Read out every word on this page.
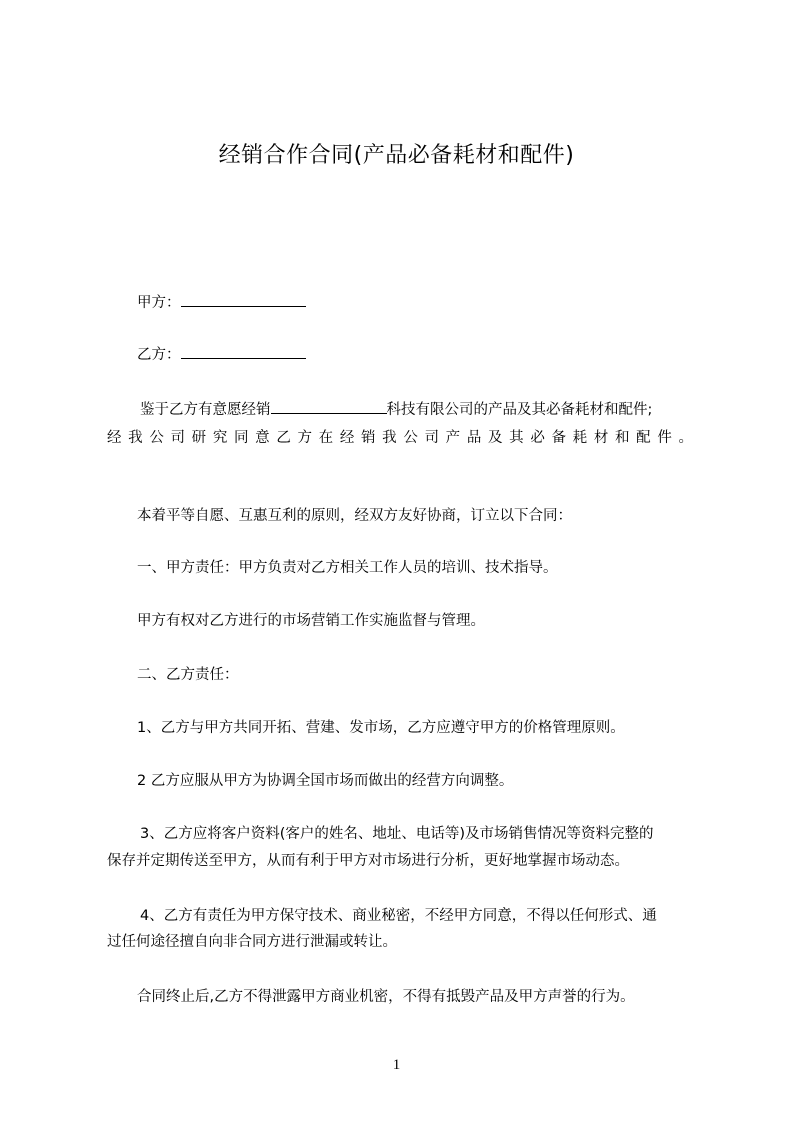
经销合作合同(产品必备耗材和配件)
甲方：
乙方：
鉴于乙方有意愿经销	科技有限公司的产品及其必备耗材和配件;
经我公司研究同意乙方在经销我公司产品及其必备耗材和配件。
本着平等自愿、互惠互利的原则，经双方友好协商，订立以下合同：
一、甲方责任：甲方负责对乙方相关工作人员的培训、技术指导。
甲方有权对乙方进行的市场营销工作实施监督与管理。
二、乙方责任：
1、乙方与甲方共同开拓、营建、发市场，乙方应遵守甲方的价格管理原则。
2 乙方应服从甲方为协调全国市场而做出的经营方向调整。
3、乙方应将客户资料(客户的姓名、地址、电话等)及市场销售情况等资料完整的
保存并定期传送至甲方，从而有利于甲方对市场进行分析，更好地掌握市场动态。
4、乙方有责任为甲方保守技术、商业秘密，不经甲方同意，不得以任何形式、通
过任何途径擅自向非合同方进行泄漏或转让。
合同终止后,乙方不得泄露甲方商业机密，不得有抵毁产品及甲方声誉的行为。
1
